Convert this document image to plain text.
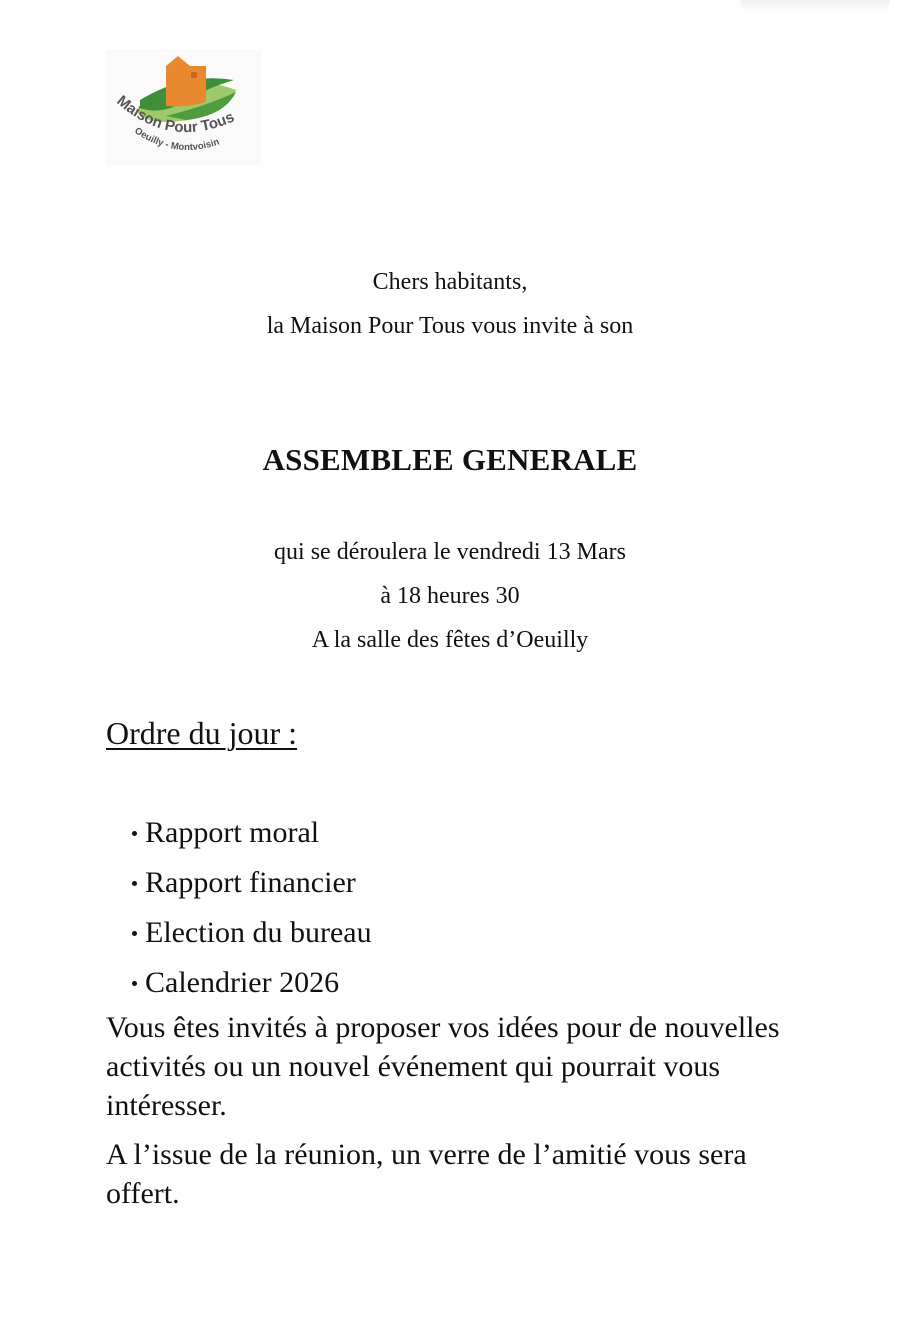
Maison Pour Tous
Oeuilly - Montvoisin
Chers habitants,
la Maison Pour Tous vous invite à son
ASSEMBLEE GENERALE
qui se déroulera le vendredi 13 Mars
à 18 heures 30
A la salle des fêtes d’Oeuilly
Ordre du jour :
Rapport moral
Rapport financier
Election du bureau
Calendrier 2026

Vous êtes invités à proposer vos idées pour de nouvelles activités ou un nouvel événement qui pourrait vous intéresser.

A l’issue de la réunion, un verre de l’amitié vous sera offert.
